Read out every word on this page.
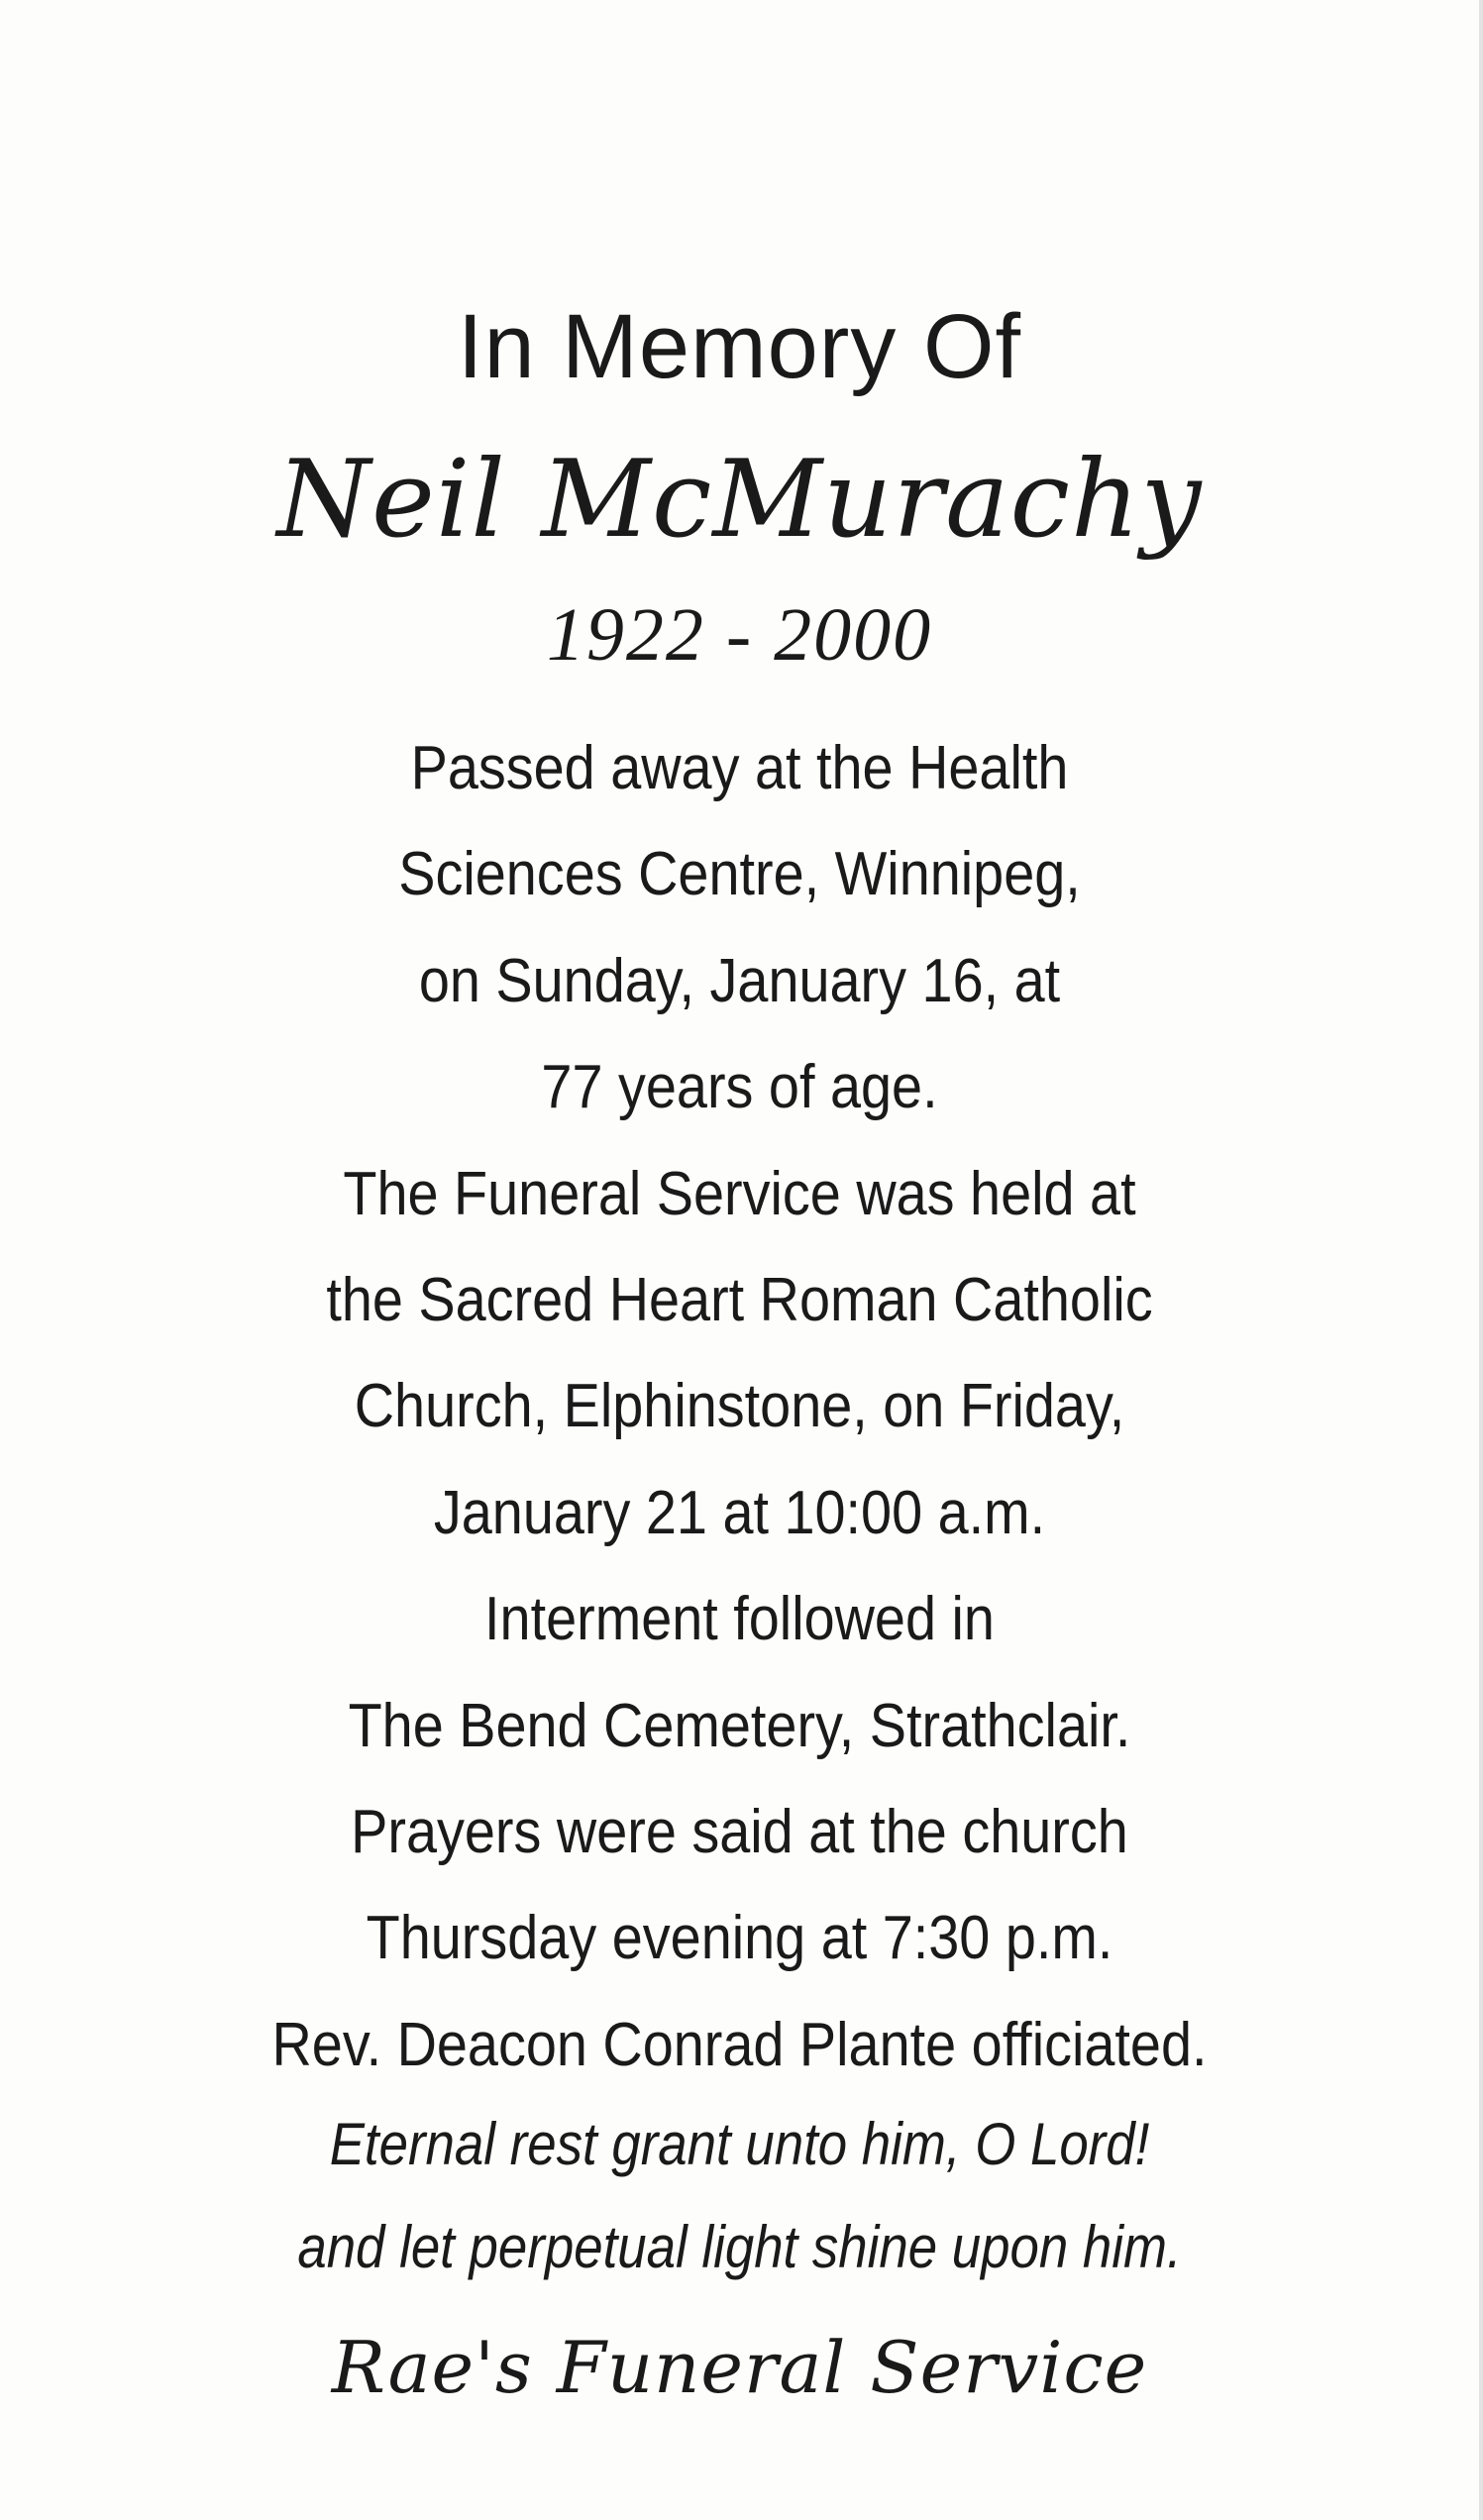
In Memory Of
Neil McMurachy
1922 - 2000
Passed away at the Health
Sciences Centre, Winnipeg,
on Sunday, January 16, at
77 years of age.
The Funeral Service was held at
the Sacred Heart Roman Catholic
Church, Elphinstone, on Friday,
January 21 at 10:00 a.m.
Interment followed in
The Bend Cemetery, Strathclair.
Prayers were said at the church
Thursday evening at 7:30 p.m.
Rev. Deacon Conrad Plante officiated.
Eternal rest grant unto him, O Lord!
and let perpetual light shine upon him.
Rae's Funeral Service
